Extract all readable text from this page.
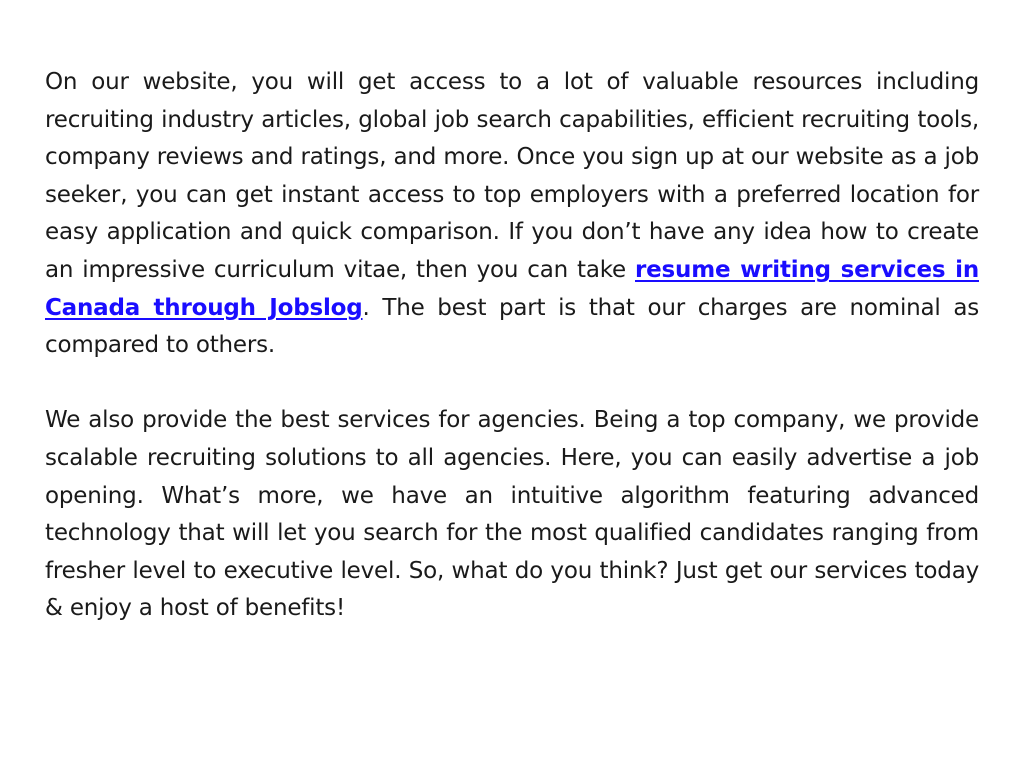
On our website, you will get access to a lot of valuable resources including recruiting industry articles, global job search capabilities, efficient recruiting tools, company reviews and ratings, and more. Once you sign up at our website as a job seeker, you can get instant access to top employers with a preferred location for easy application and quick comparison. If you don’t have any idea how to create an impressive curriculum vitae, then you can take resume writing services in Canada through Jobslog. The best part is that our charges are nominal as compared to others.

We also provide the best services for agencies. Being a top company, we provide scalable recruiting solutions to all agencies. Here, you can easily advertise a job opening. What’s more, we have an intuitive algorithm featuring advanced technology that will let you search for the most qualified candidates ranging from fresher level to executive level. So, what do you think? Just get our services today & enjoy a host of benefits!
